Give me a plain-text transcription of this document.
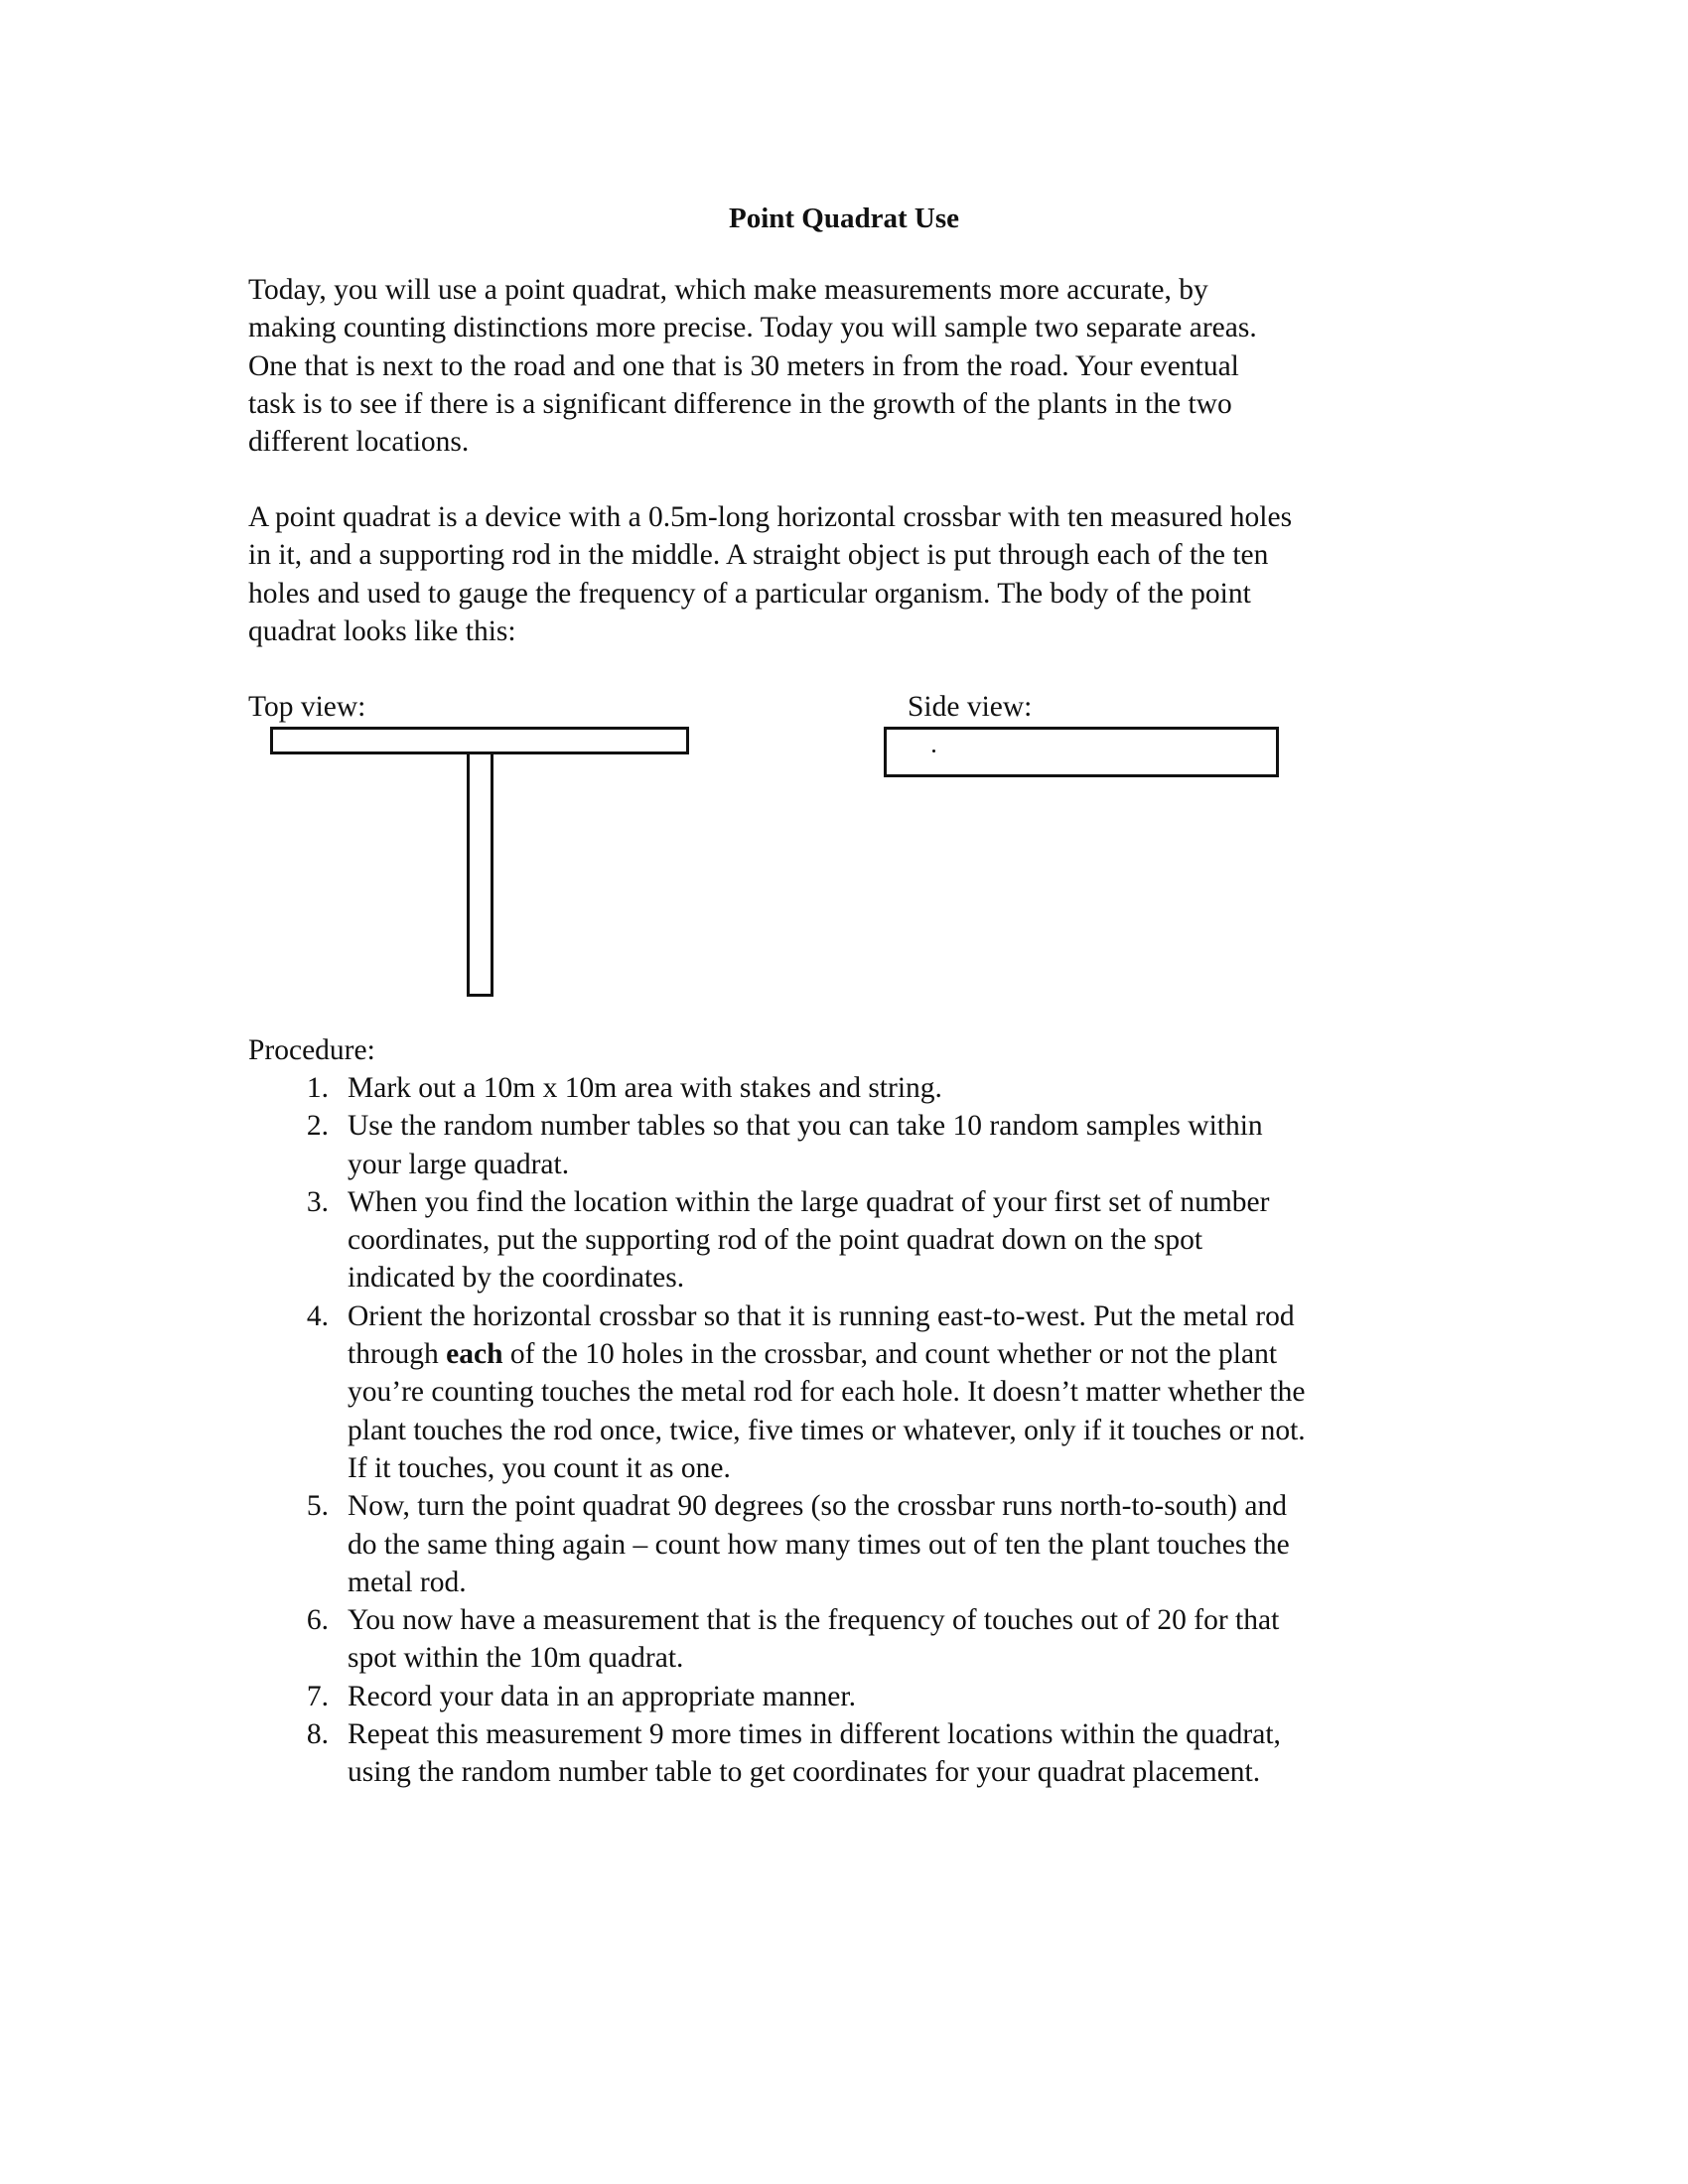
Point Quadrat Use
Today, you will use a point quadrat, which make measurements more accurate, by
making counting distinctions more precise. Today you will sample two separate areas.
One that is next to the road and one that is 30 meters in from the road. Your eventual
task is to see if there is a significant difference in the growth of the plants in the two
different locations.
A point quadrat is a device with a 0.5m-long horizontal crossbar with ten measured holes
in it, and a supporting rod in the middle. A straight object is put through each of the ten
holes and used to gauge the frequency of a particular organism. The body of the point
quadrat looks like this:
Top view:	Side view:
Procedure:
1. Mark out a 10m x 10m area with stakes and string.
2. Use the random number tables so that you can take 10 random samples within
your large quadrat.
3. When you find the location within the large quadrat of your first set of number
coordinates, put the supporting rod of the point quadrat down on the spot
indicated by the coordinates.
4. Orient the horizontal crossbar so that it is running east-to-west. Put the metal rod
through each of the 10 holes in the crossbar, and count whether or not the plant
you’re counting touches the metal rod for each hole. It doesn’t matter whether the
plant touches the rod once, twice, five times or whatever, only if it touches or not.
If it touches, you count it as one.
5. Now, turn the point quadrat 90 degrees (so the crossbar runs north-to-south) and
do the same thing again – count how many times out of ten the plant touches the
metal rod.
6. You now have a measurement that is the frequency of touches out of 20 for that
spot within the 10m quadrat.
7. Record your data in an appropriate manner.
8. Repeat this measurement 9 more times in different locations within the quadrat,
using the random number table to get coordinates for your quadrat placement.
